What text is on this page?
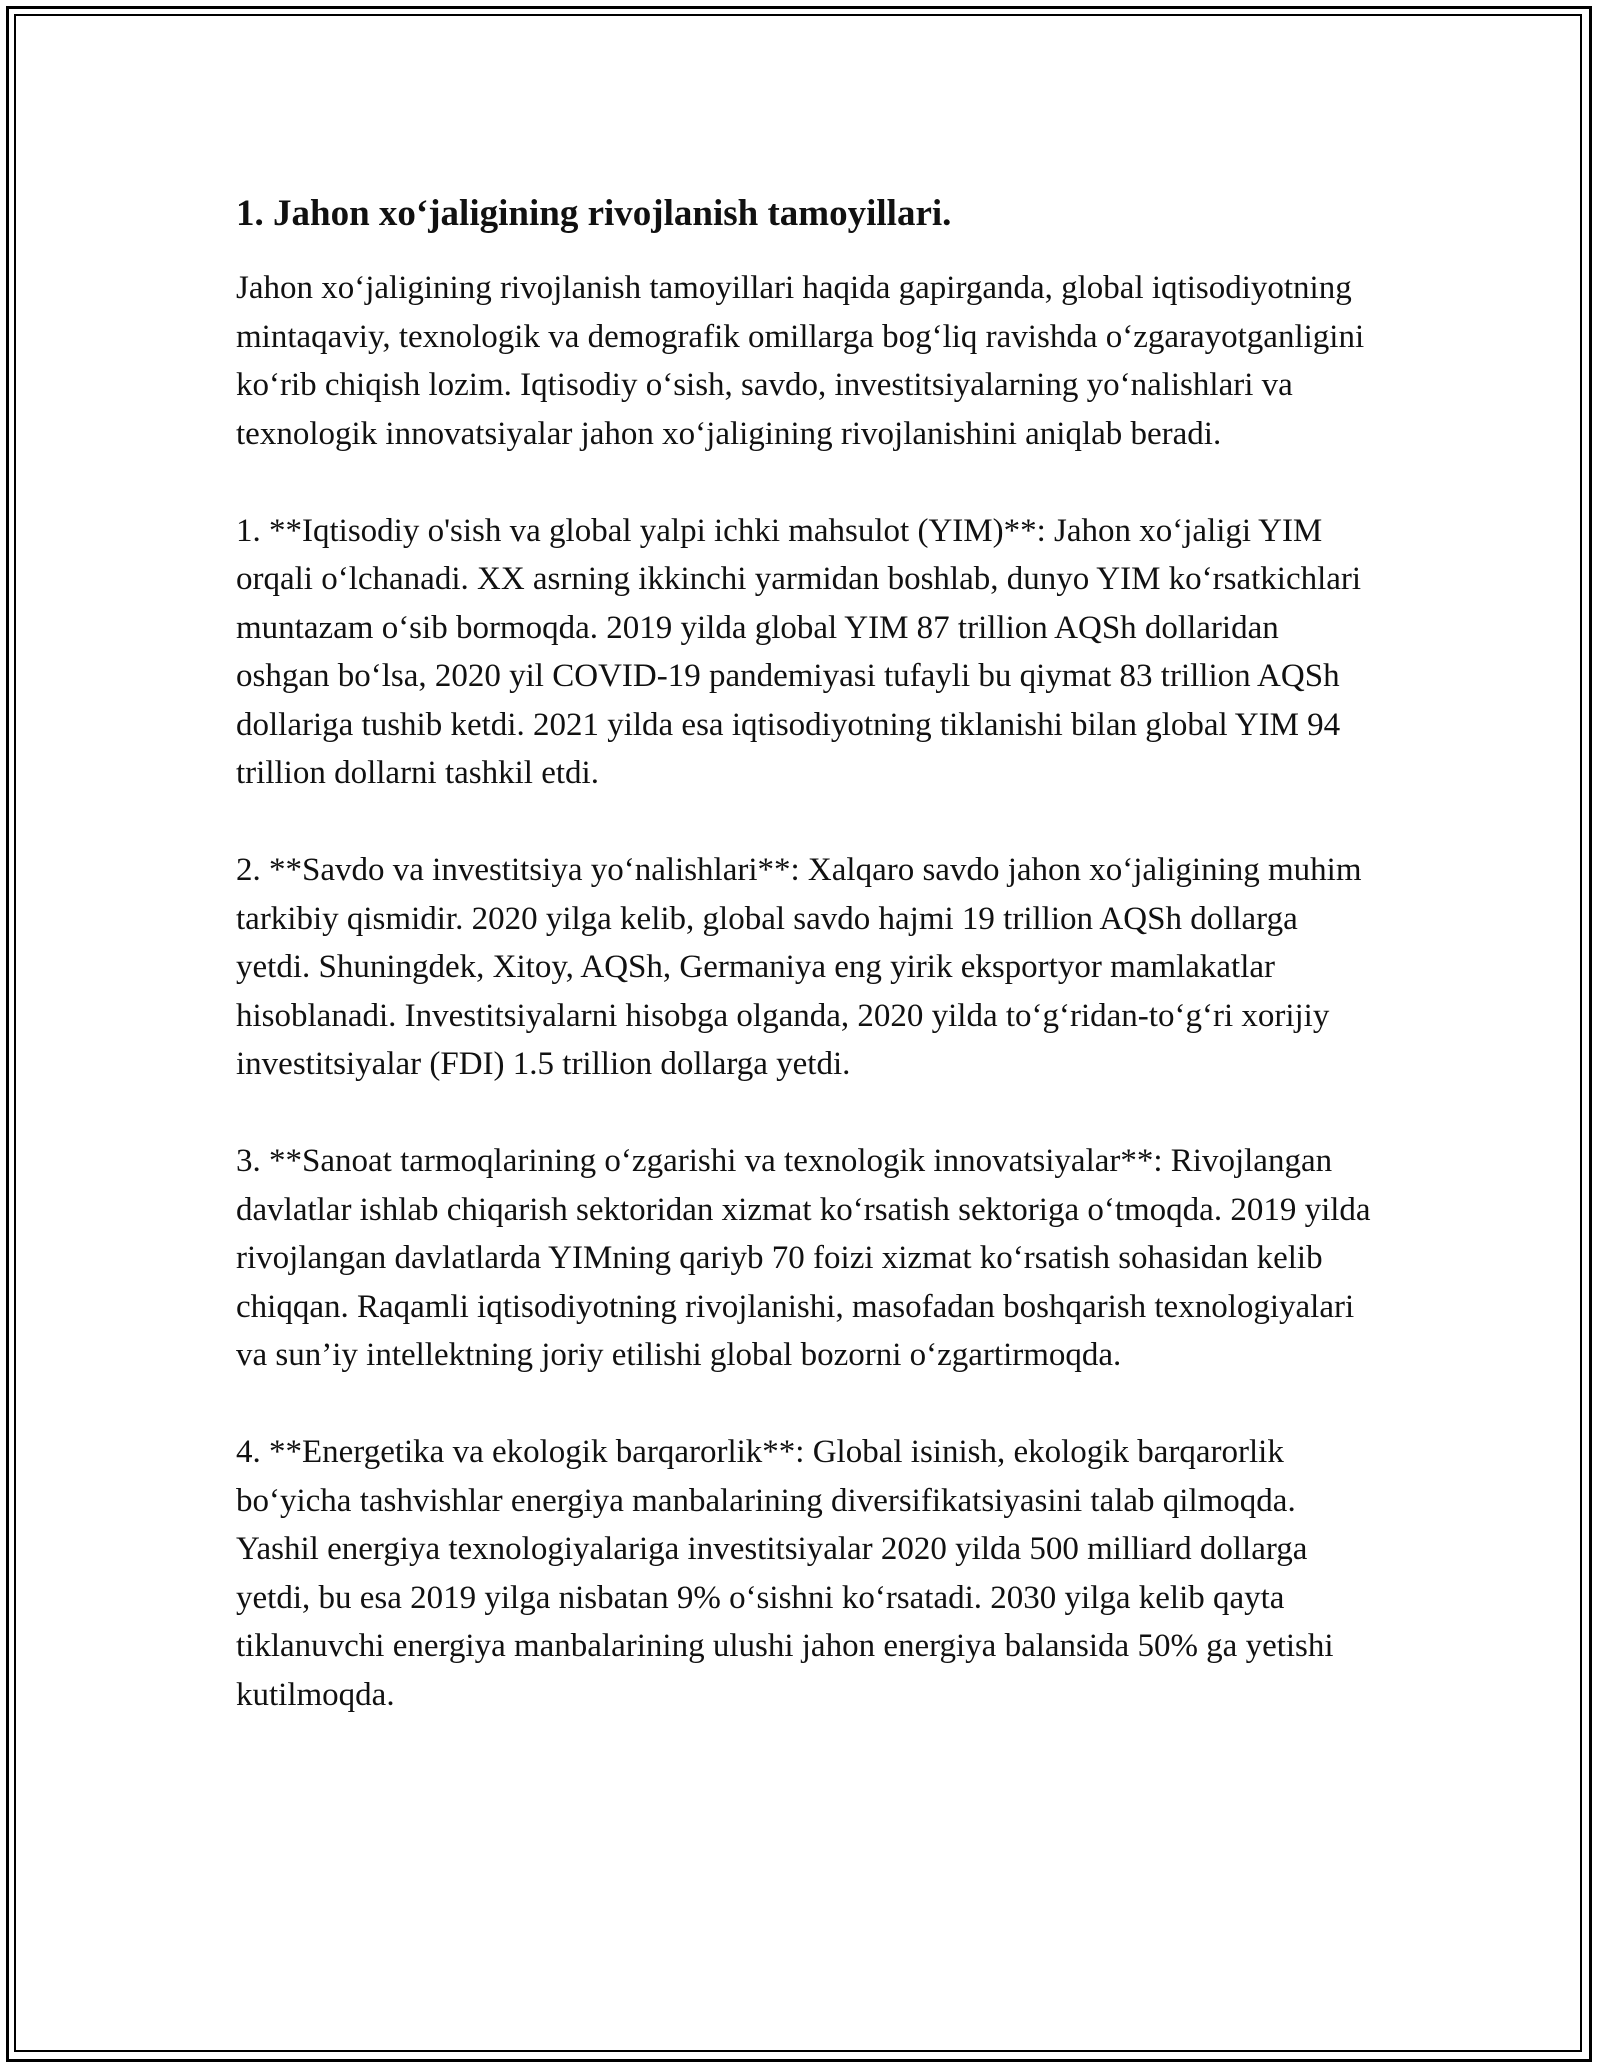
1. Jahon xo‘jaligining rivojlanish tamoyillari.

Jahon xo‘jaligining rivojlanish tamoyillari haqida gapirganda, global iqtisodiyotning mintaqaviy, texnologik va demografik omillarga bog‘liq ravishda o‘zgarayotganligini ko‘rib chiqish lozim. Iqtisodiy o‘sish, savdo, investitsiyalarning yo‘nalishlari va texnologik innovatsiyalar jahon xo‘jaligining rivojlanishini aniqlab beradi.

1. **Iqtisodiy o'sish va global yalpi ichki mahsulot (YIM)**: Jahon xo‘jaligi YIM orqali o‘lchanadi. XX asrning ikkinchi yarmidan boshlab, dunyo YIM ko‘rsatkichlari muntazam o‘sib bormoqda. 2019 yilda global YIM 87 trillion AQSh dollaridan oshgan bo‘lsa, 2020 yil COVID-19 pandemiyasi tufayli bu qiymat 83 trillion AQSh dollariga tushib ketdi. 2021 yilda esa iqtisodiyotning tiklanishi bilan global YIM 94 trillion dollarni tashkil etdi.

2. **Savdo va investitsiya yo‘nalishlari**: Xalqaro savdo jahon xo‘jaligining muhim tarkibiy qismidir. 2020 yilga kelib, global savdo hajmi 19 trillion AQSh dollarga yetdi. Shuningdek, Xitoy, AQSh, Germaniya eng yirik eksportyor mamlakatlar hisoblanadi. Investitsiyalarni hisobga olganda, 2020 yilda to‘g‘ridan-to‘g‘ri xorijiy investitsiyalar (FDI) 1.5 trillion dollarga yetdi.

3. **Sanoat tarmoqlarining o‘zgarishi va texnologik innovatsiyalar**: Rivojlangan davlatlar ishlab chiqarish sektoridan xizmat ko‘rsatish sektoriga o‘tmoqda. 2019 yilda rivojlangan davlatlarda YIMning qariyb 70 foizi xizmat ko‘rsatish sohasidan kelib chiqqan. Raqamli iqtisodiyotning rivojlanishi, masofadan boshqarish texnologiyalari va sun’iy intellektning joriy etilishi global bozorni o‘zgartirmoqda.

4. **Energetika va ekologik barqarorlik**: Global isinish, ekologik barqarorlik bo‘yicha tashvishlar energiya manbalarining diversifikatsiyasini talab qilmoqda. Yashil energiya texnologiyalariga investitsiyalar 2020 yilda 500 milliard dollarga yetdi, bu esa 2019 yilga nisbatan 9% o‘sishni ko‘rsatadi. 2030 yilga kelib qayta tiklanuvchi energiya manbalarining ulushi jahon energiya balansida 50% ga yetishi kutilmoqda.
